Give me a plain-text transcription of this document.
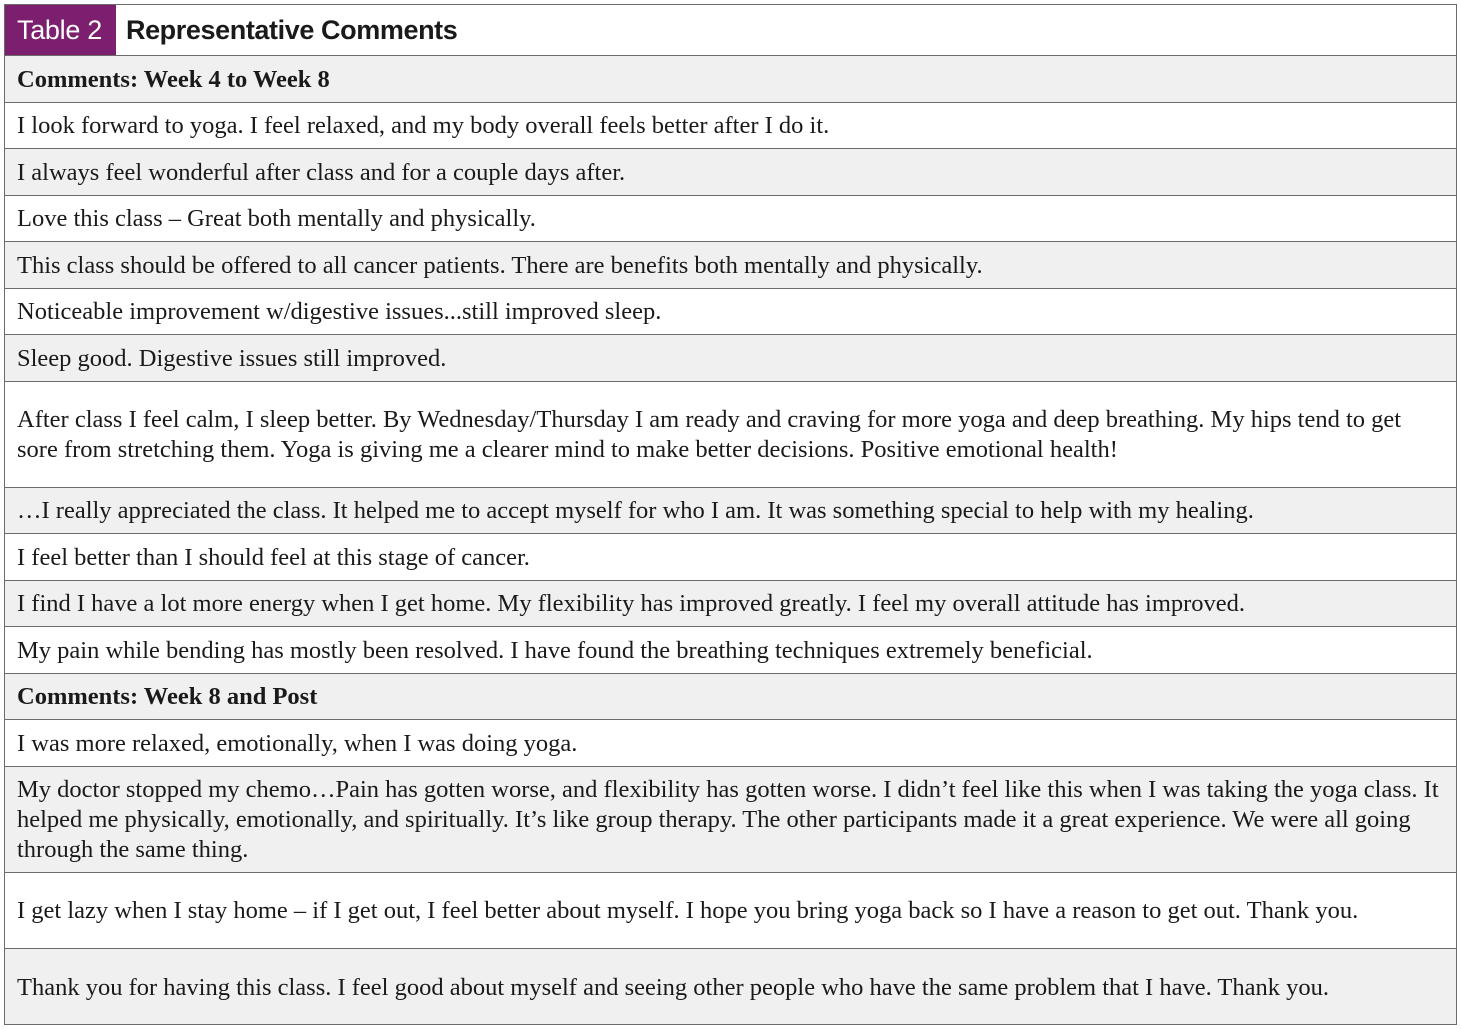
Table 2 Representative Comments
Comments: Week 4 to Week 8
I look forward to yoga. I feel relaxed, and my body overall feels better after I do it.
I always feel wonderful after class and for a couple days after.
Love this class – Great both mentally and physically.
This class should be offered to all cancer patients. There are benefits both mentally and physically.
Noticeable improvement w/digestive issues...still improved sleep.
Sleep good. Digestive issues still improved.
After class I feel calm, I sleep better. By Wednesday/Thursday I am ready and craving for more yoga and deep breathing. My hips tend to get sore from stretching them. Yoga is giving me a clearer mind to make better decisions. Positive emotional health!
…I really appreciated the class. It helped me to accept myself for who I am. It was something special to help with my healing.
I feel better than I should feel at this stage of cancer.
I find I have a lot more energy when I get home. My flexibility has improved greatly. I feel my overall attitude has improved.
My pain while bending has mostly been resolved. I have found the breathing techniques extremely beneficial.
Comments: Week 8 and Post
I was more relaxed, emotionally, when I was doing yoga.
My doctor stopped my chemo…Pain has gotten worse, and flexibility has gotten worse. I didn’t feel like this when I was taking the yoga class. It helped me physically, emotionally, and spiritually. It’s like group therapy. The other participants made it a great experience. We were all going through the same thing.
I get lazy when I stay home – if I get out, I feel better about myself. I hope you bring yoga back so I have a reason to get out. Thank you.
Thank you for having this class. I feel good about myself and seeing other people who have the same problem that I have. Thank you.
